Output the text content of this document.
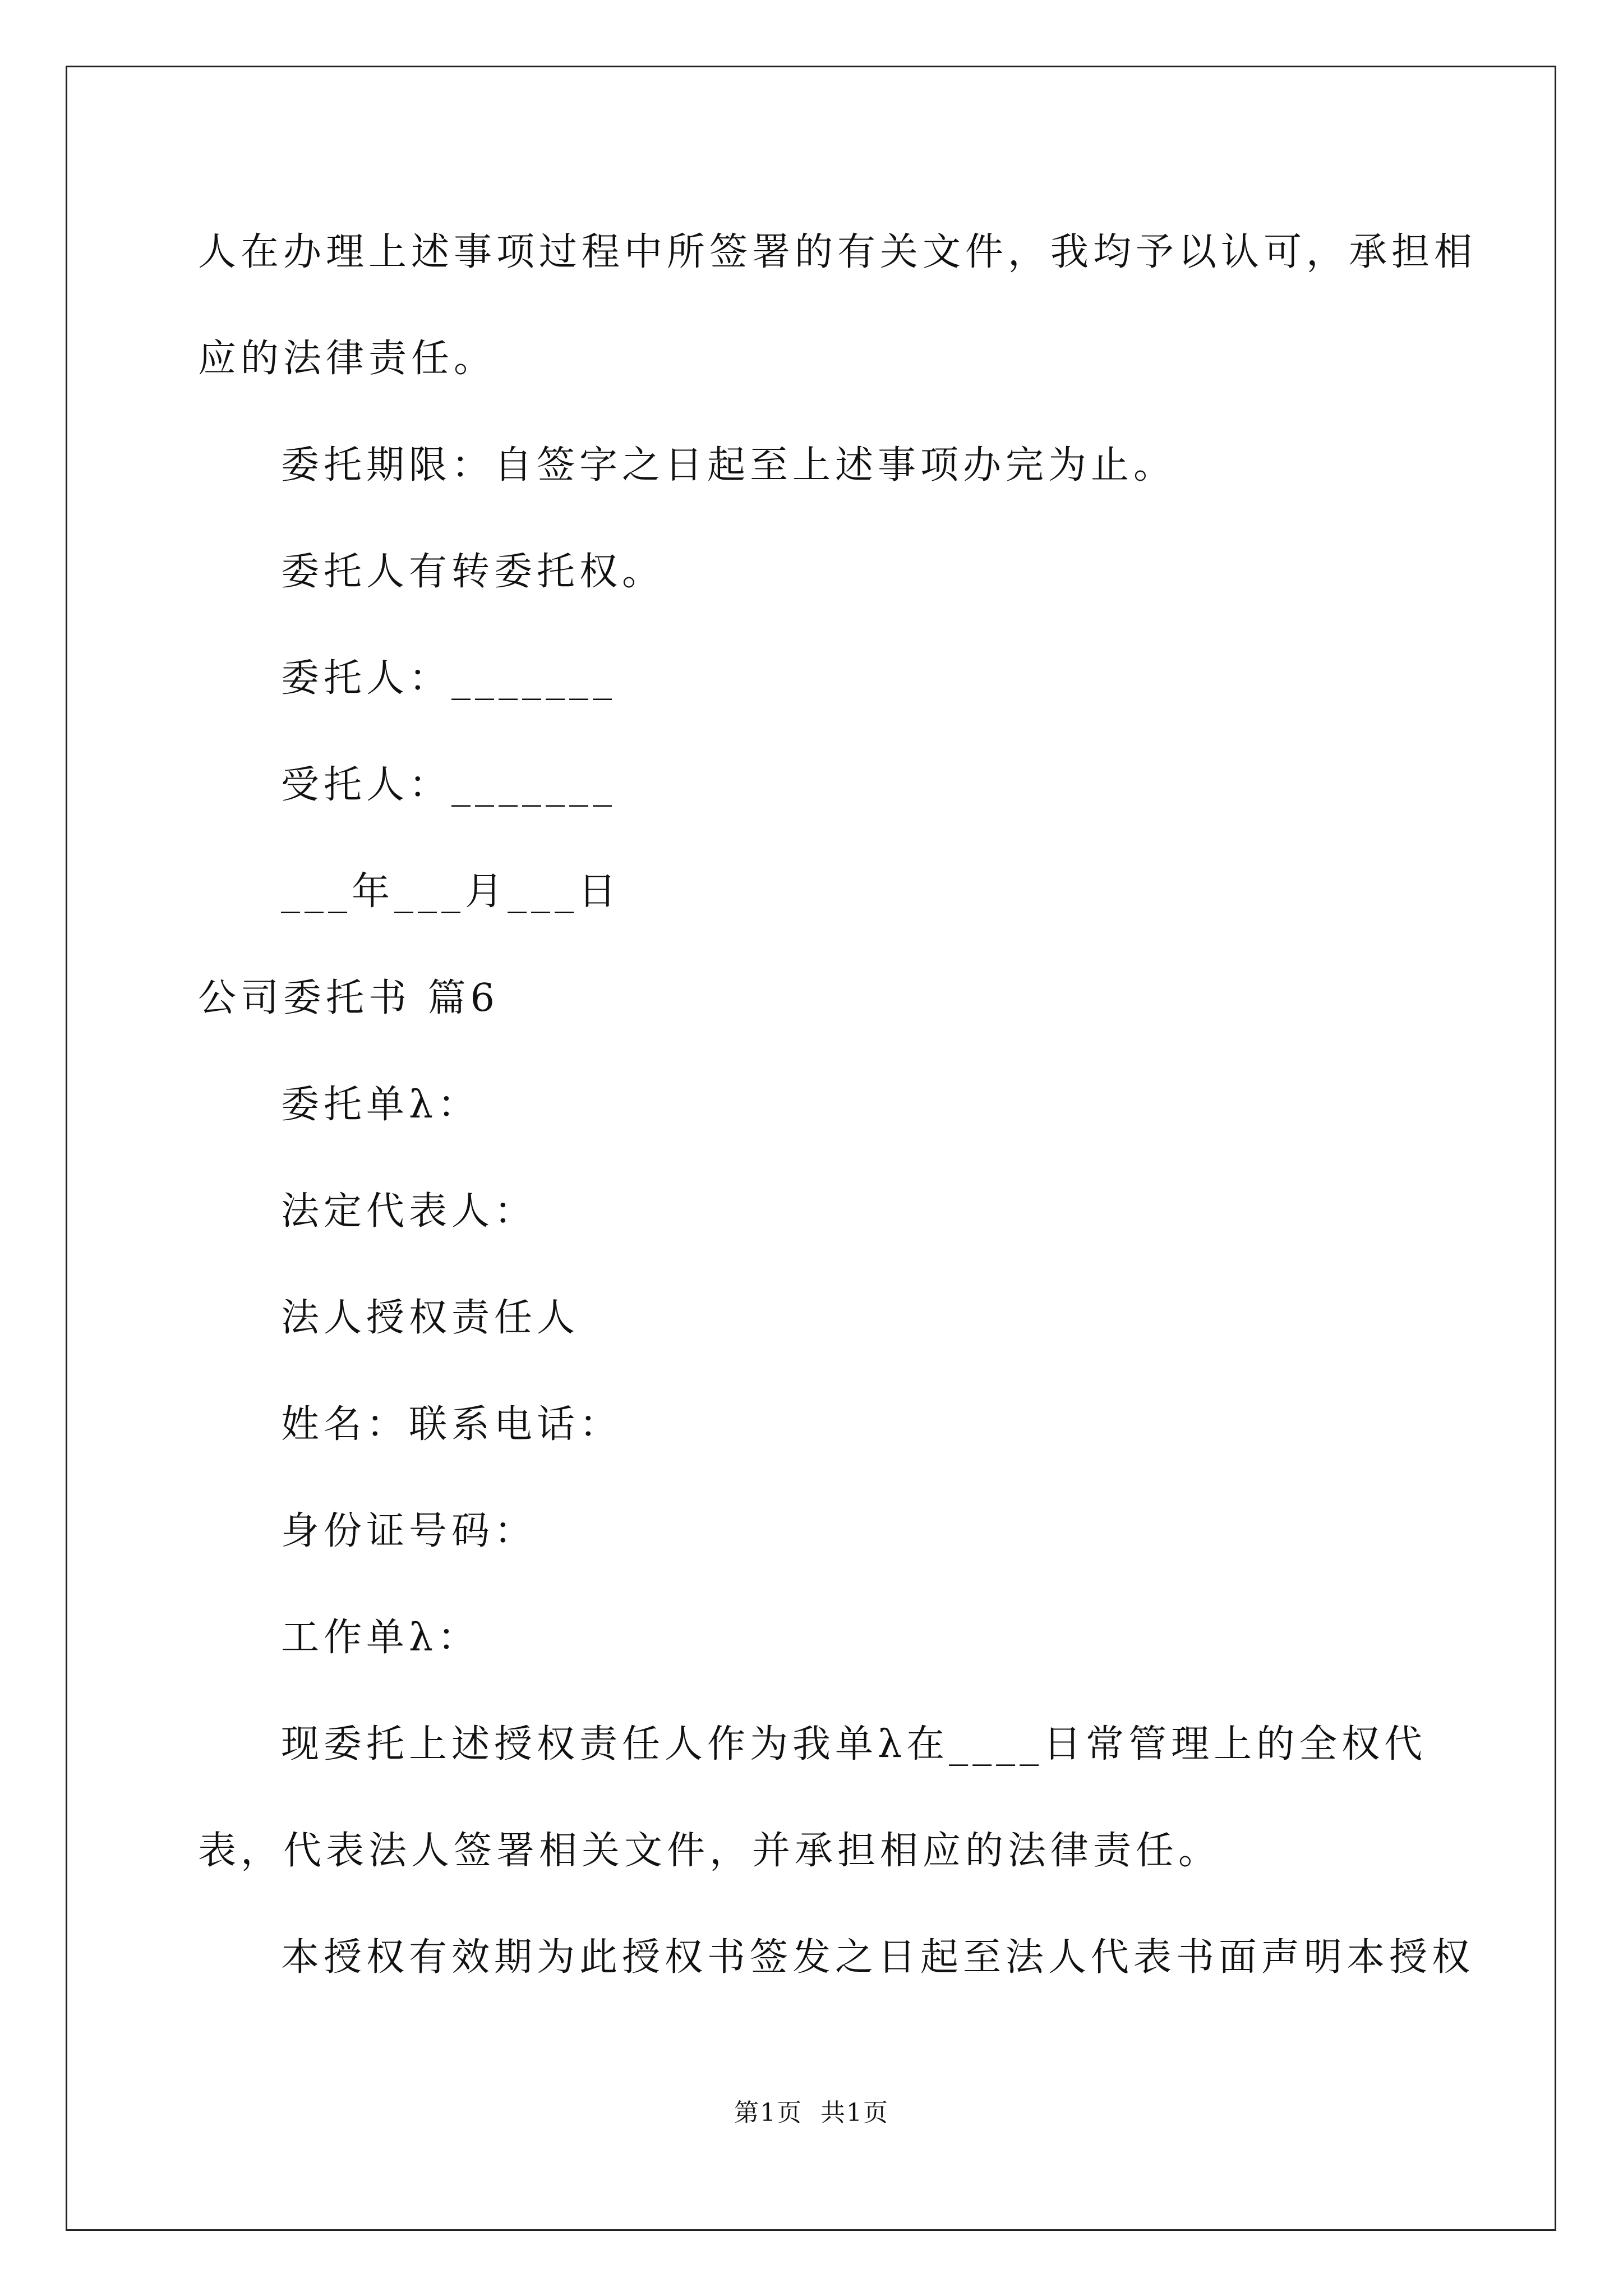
人在办理上述事项过程中所签署的有关文件，我均予以认可，承担相
应的法律责任。
委托期限：自签字之日起至上述事项办完为止。
委托人有转委托权。
委托人：_______
受托人：_______
___年___月___日
公司委托书 篇6
委托单λ：
法定代表人：
法人授权责任人
姓名：联系电话：
身份证号码：
工作单λ：
现委托上述授权责任人作为我单λ在____日常管理上的全权代
表，代表法人签署相关文件，并承担相应的法律责任。
本授权有效期为此授权书签发之日起至法人代表书面声明本授权
第1页  共1页
